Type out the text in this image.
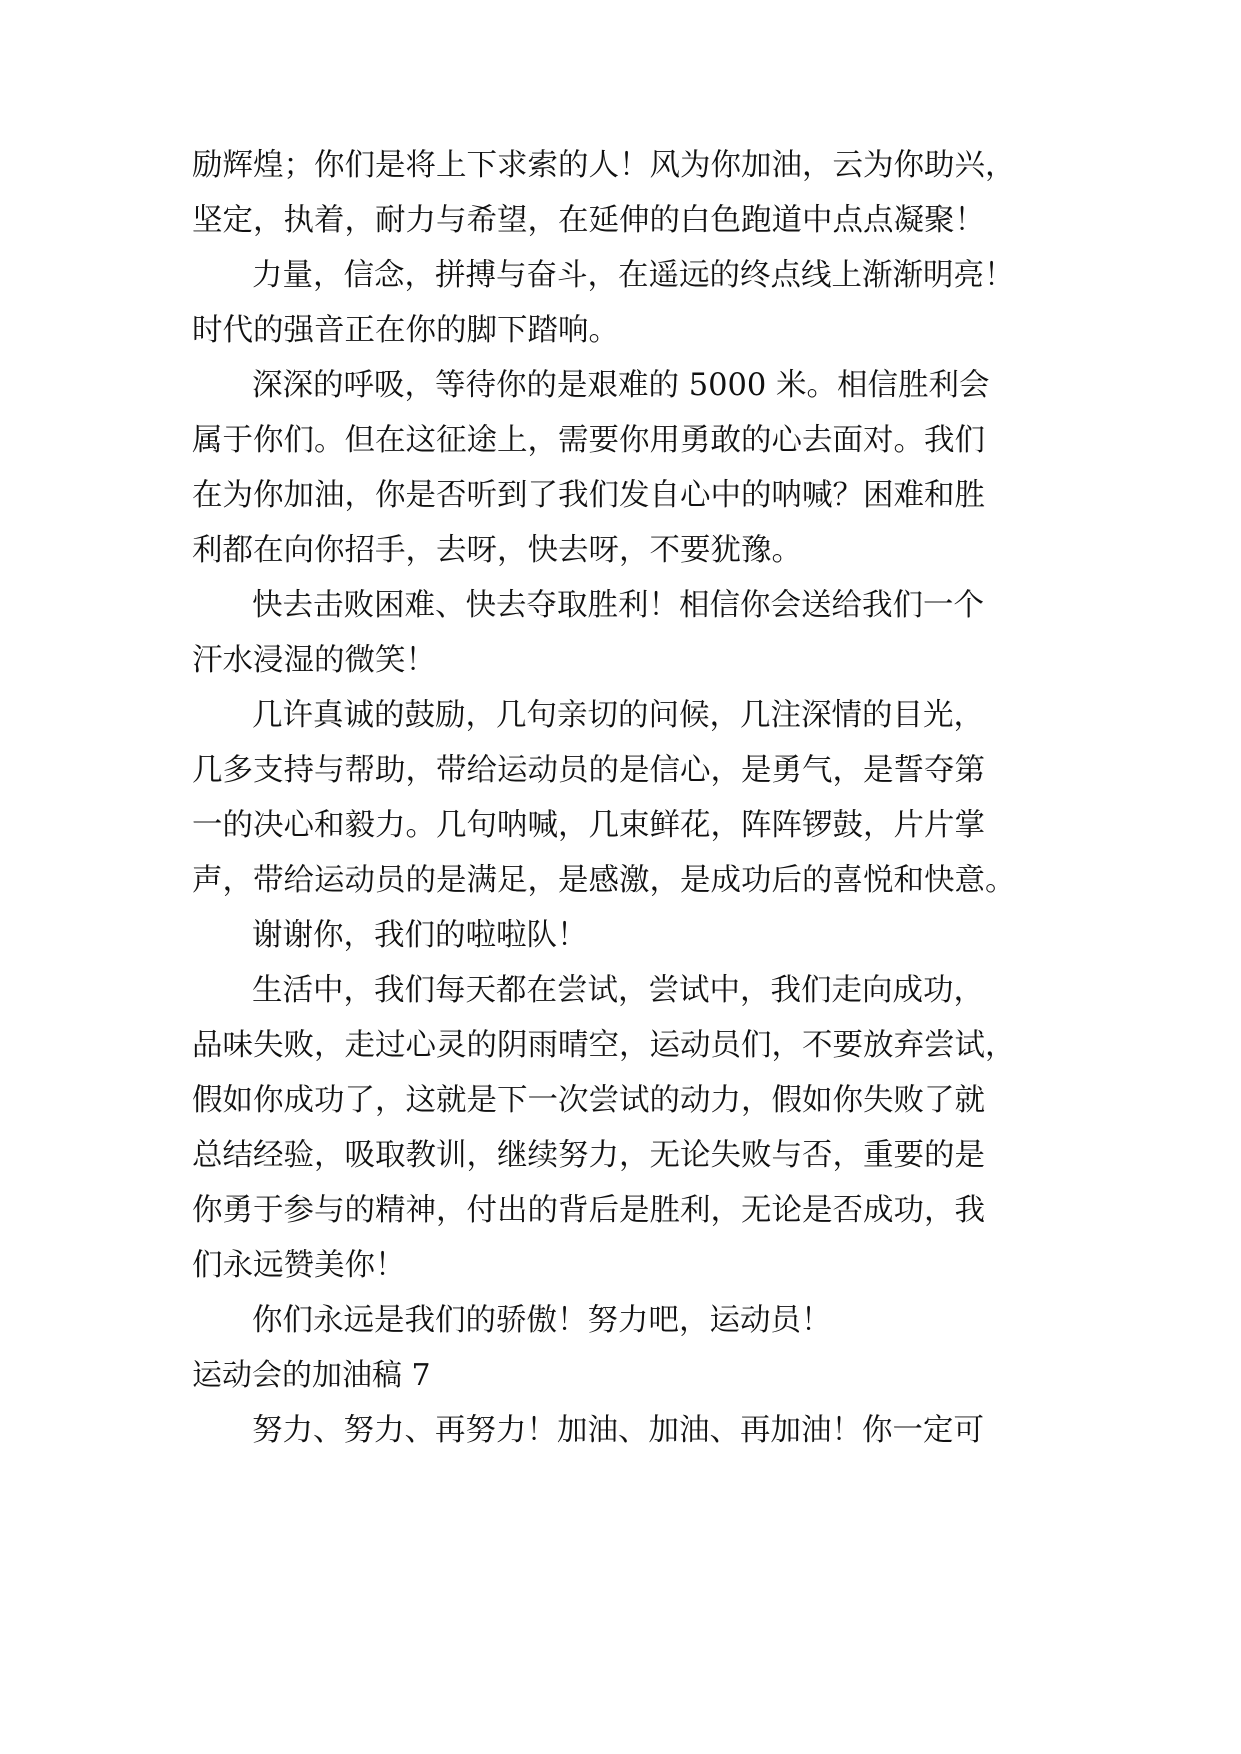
励辉煌；你们是将上下求索的人！风为你加油，云为你助兴，

坚定，执着，耐力与希望，在延伸的白色跑道中点点凝聚！

力量，信念，拼搏与奋斗，在遥远的终点线上渐渐明亮！

时代的强音正在你的脚下踏响。

深深的呼吸，等待你的是艰难的 5000 米。相信胜利会

属于你们。但在这征途上，需要你用勇敢的心去面对。我们

在为你加油，你是否听到了我们发自心中的呐喊？困难和胜

利都在向你招手，去呀，快去呀，不要犹豫。

快去击败困难、快去夺取胜利！相信你会送给我们一个

汗水浸湿的微笑！

几许真诚的鼓励，几句亲切的问候，几注深情的目光，

几多支持与帮助，带给运动员的是信心，是勇气，是誓夺第

一的决心和毅力。几句呐喊，几束鲜花，阵阵锣鼓，片片掌

声，带给运动员的是满足，是感激，是成功后的喜悦和快意。

谢谢你，我们的啦啦队！

生活中，我们每天都在尝试，尝试中，我们走向成功，

品味失败，走过心灵的阴雨晴空，运动员们，不要放弃尝试，

假如你成功了，这就是下一次尝试的动力，假如你失败了就

总结经验，吸取教训，继续努力，无论失败与否，重要的是

你勇于参与的精神，付出的背后是胜利，无论是否成功，我

们永远赞美你！

你们永远是我们的骄傲！努力吧，运动员！

运动会的加油稿 7

努力、努力、再努力！加油、加油、再加油！你一定可
